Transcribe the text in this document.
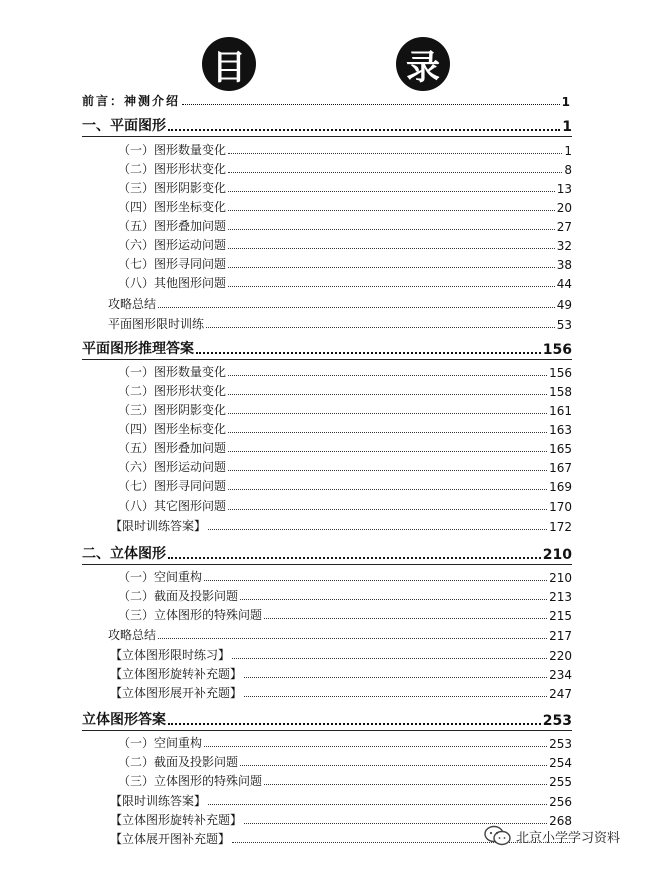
目	录
前言：神测介绍	1
一、平面图形	1
（一）图形数量变化	1
（二）图形形状变化	8
（三）图形阴影变化	13
（四）图形坐标变化	20
（五）图形叠加问题	27
（六）图形运动问题	32
（七）图形寻同问题	38
（八）其他图形问题	44
攻略总结	49
平面图形限时训练	53
平面图形推理答案	156
（一）图形数量变化	156
（二）图形形状变化	158
（三）图形阴影变化	161
（四）图形坐标变化	163
（五）图形叠加问题	165
（六）图形运动问题	167
（七）图形寻同问题	169
（八）其它图形问题	170
【限时训练答案】	172
二、立体图形	210
（一）空间重构	210
（二）截面及投影问题	213
（三）立体图形的特殊问题	215
攻略总结	217
【立体图形限时练习】	220
【立体图形旋转补充题】	234
【立体图形展开补充题】	247
立体图形答案	253
（一）空间重构	253
（二）截面及投影问题	254
（三）立体图形的特殊问题	255
【限时训练答案】	256
【立体图形旋转补充题】	268
【立体展开图补充题】	北京小学学习资料
